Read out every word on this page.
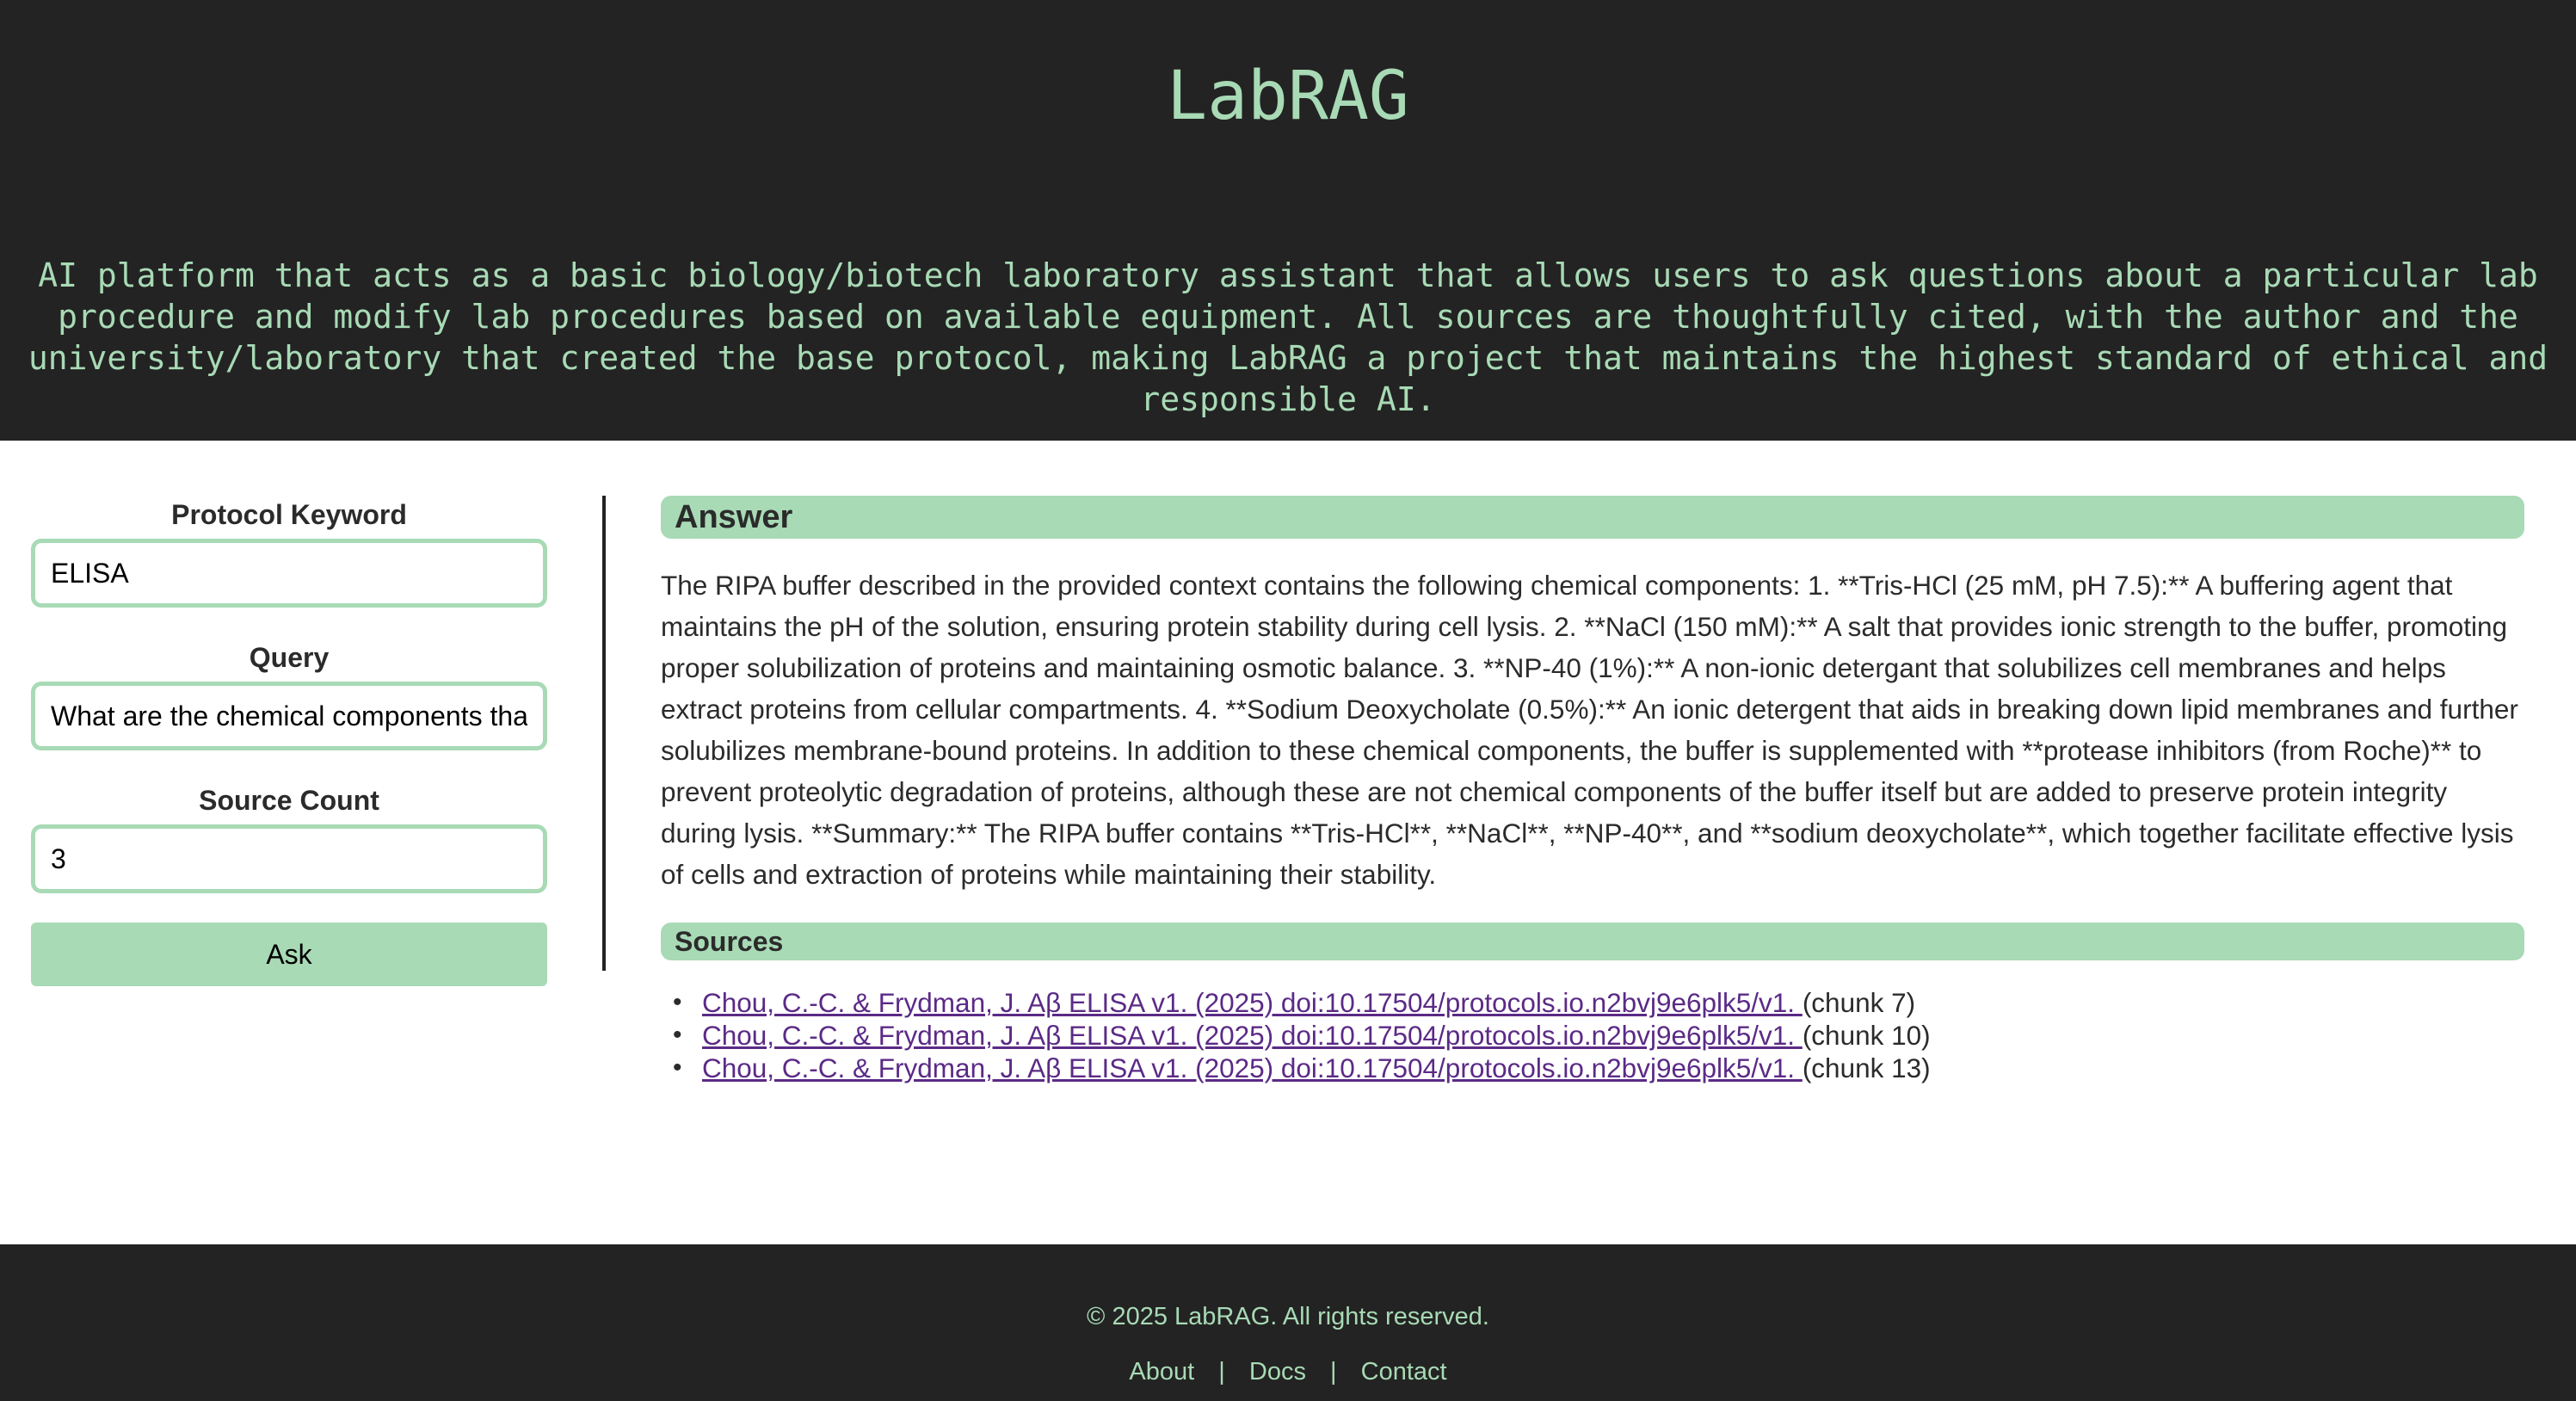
LabRAG

AI platform that acts as a basic biology/biotech laboratory assistant that allows users to ask questions about a particular lab procedure and modify lab procedures based on available equipment. All sources are thoughtfully cited, with the author and the university/laboratory that created the base protocol, making LabRAG a project that maintains the highest standard of ethical and responsible AI.

Protocol Keyword
ELISA
Query
What are the chemical components tha
Source Count
3
Ask
Answer

The RIPA buffer described in the provided context contains the following chemical components: 1. **Tris-HCl (25 mM, pH 7.5):** A buffering agent that maintains the pH of the solution, ensuring protein stability during cell lysis. 2. **NaCl (150 mM):** A salt that provides ionic strength to the buffer, promoting proper solubilization of proteins and maintaining osmotic balance. 3. **NP-40 (1%):** A non-ionic detergant that solubilizes cell membranes and helps extract proteins from cellular compartments. 4. **Sodium Deoxycholate (0.5%):** An ionic detergent that aids in breaking down lipid membranes and further solubilizes membrane-bound proteins. In addition to these chemical components, the buffer is supplemented with **protease inhibitors (from Roche)** to prevent proteolytic degradation of proteins, although these are not chemical components of the buffer itself but are added to preserve protein integrity during lysis. **Summary:** The RIPA buffer contains **Tris-HCl**, **NaCl**, **NP-40**, and **sodium deoxycholate**, which together facilitate effective lysis of cells and extraction of proteins while maintaining their stability.

Sources
• Chou, C.-C. & Frydman, J. Aβ ELISA v1. (2025) doi:10.17504/protocols.io.n2bvj9e6plk5/v1. (chunk 7)
• Chou, C.-C. & Frydman, J. Aβ ELISA v1. (2025) doi:10.17504/protocols.io.n2bvj9e6plk5/v1. (chunk 10)
• Chou, C.-C. & Frydman, J. Aβ ELISA v1. (2025) doi:10.17504/protocols.io.n2bvj9e6plk5/v1. (chunk 13)
© 2025 LabRAG. All rights reserved.
About | Docs | Contact
